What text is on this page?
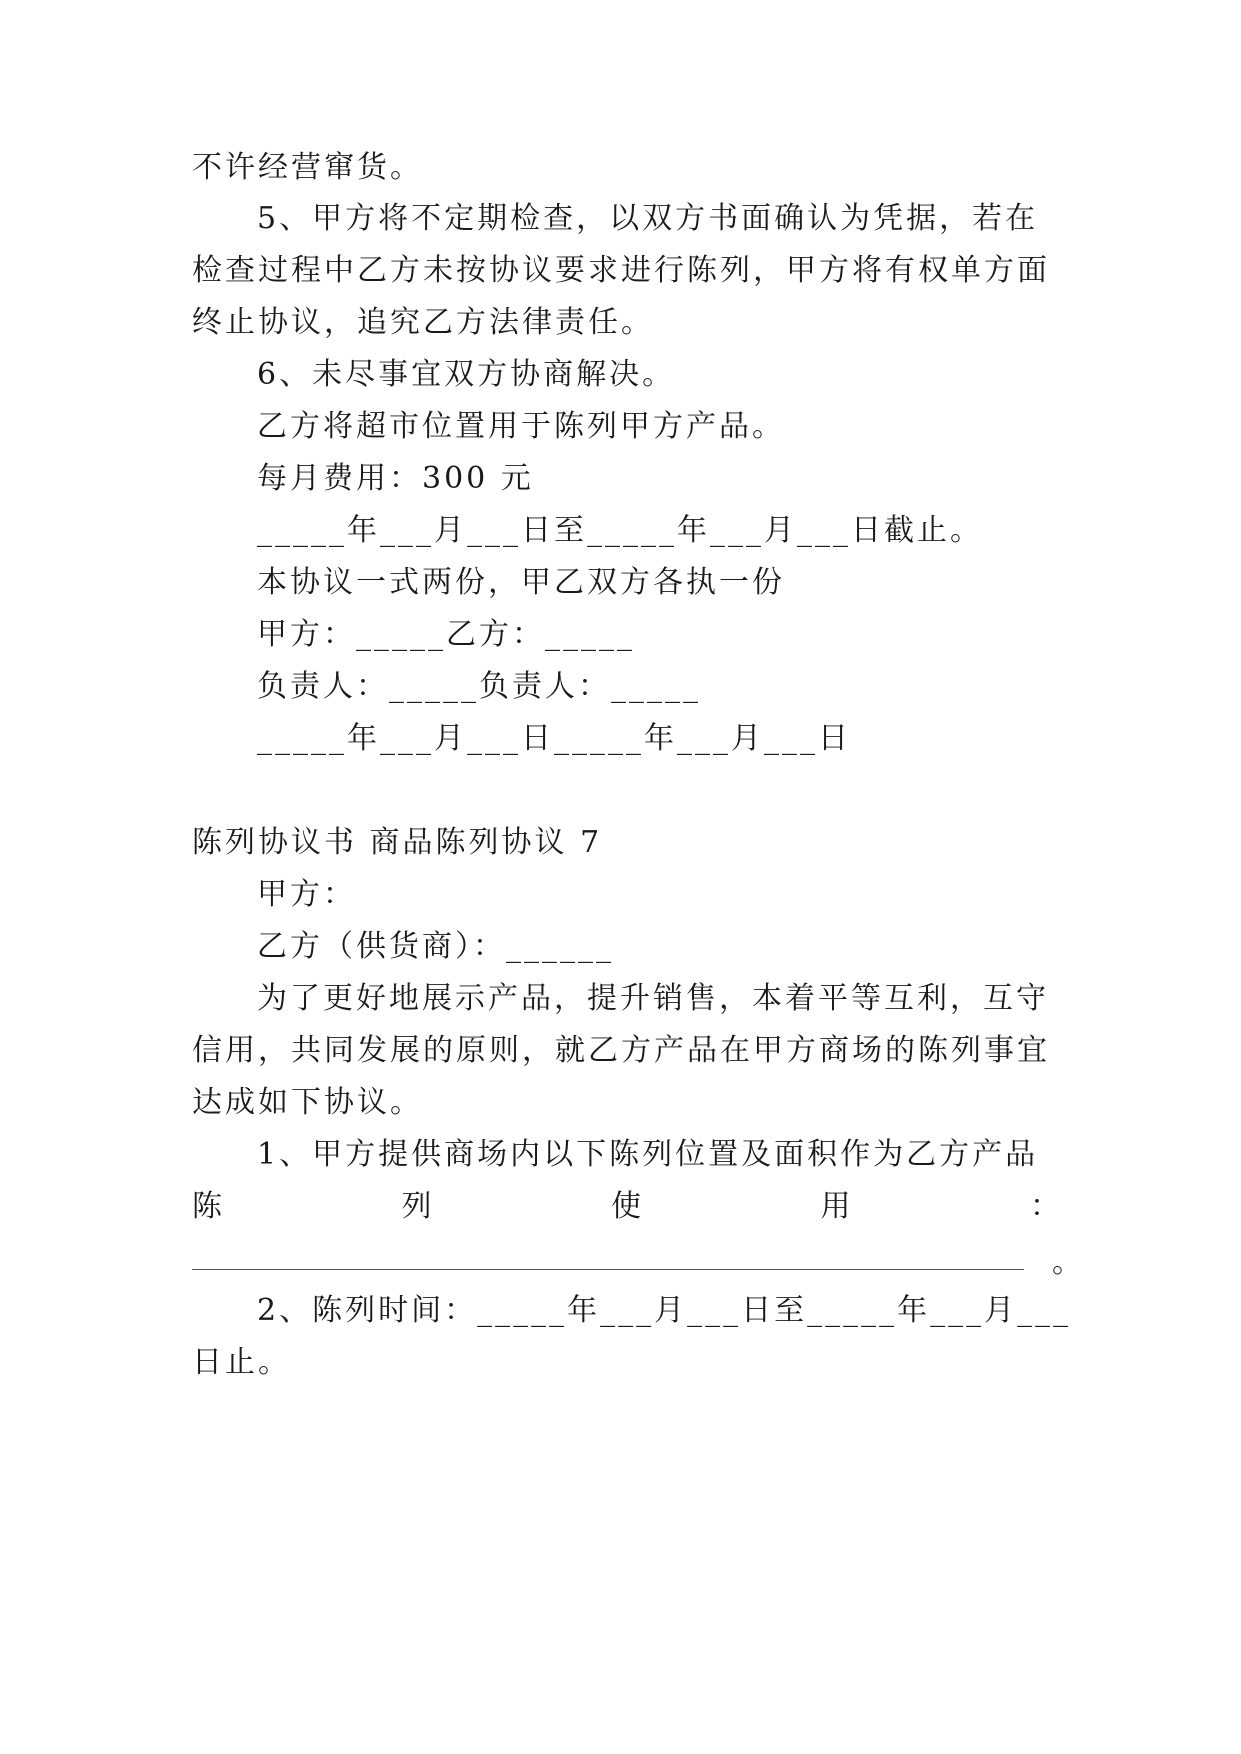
不许经营窜货。
5、甲方将不定期检查，以双方书面确认为凭据，若在
检查过程中乙方未按协议要求进行陈列，甲方将有权单方面
终止协议，追究乙方法律责任。
6、未尽事宜双方协商解决。
乙方将超市位置用于陈列甲方产品。
每月费用：300 元
_____年___月___日至_____年___月___日截止。
本协议一式两份，甲乙双方各执一份
甲方：_____乙方：_____
负责人：_____负责人：_____
_____年___月___日_____年___月___日
陈列协议书 商品陈列协议 7
甲方：
乙方（供货商）：______
为了更好地展示产品，提升销售，本着平等互利，互守
信用，共同发展的原则，就乙方产品在甲方商场的陈列事宜
达成如下协议。
1、甲方提供商场内以下陈列位置及面积作为乙方产品
陈	列	使	用	：
。
2、陈列时间：_____年___月___日至_____年___月___
日止。
